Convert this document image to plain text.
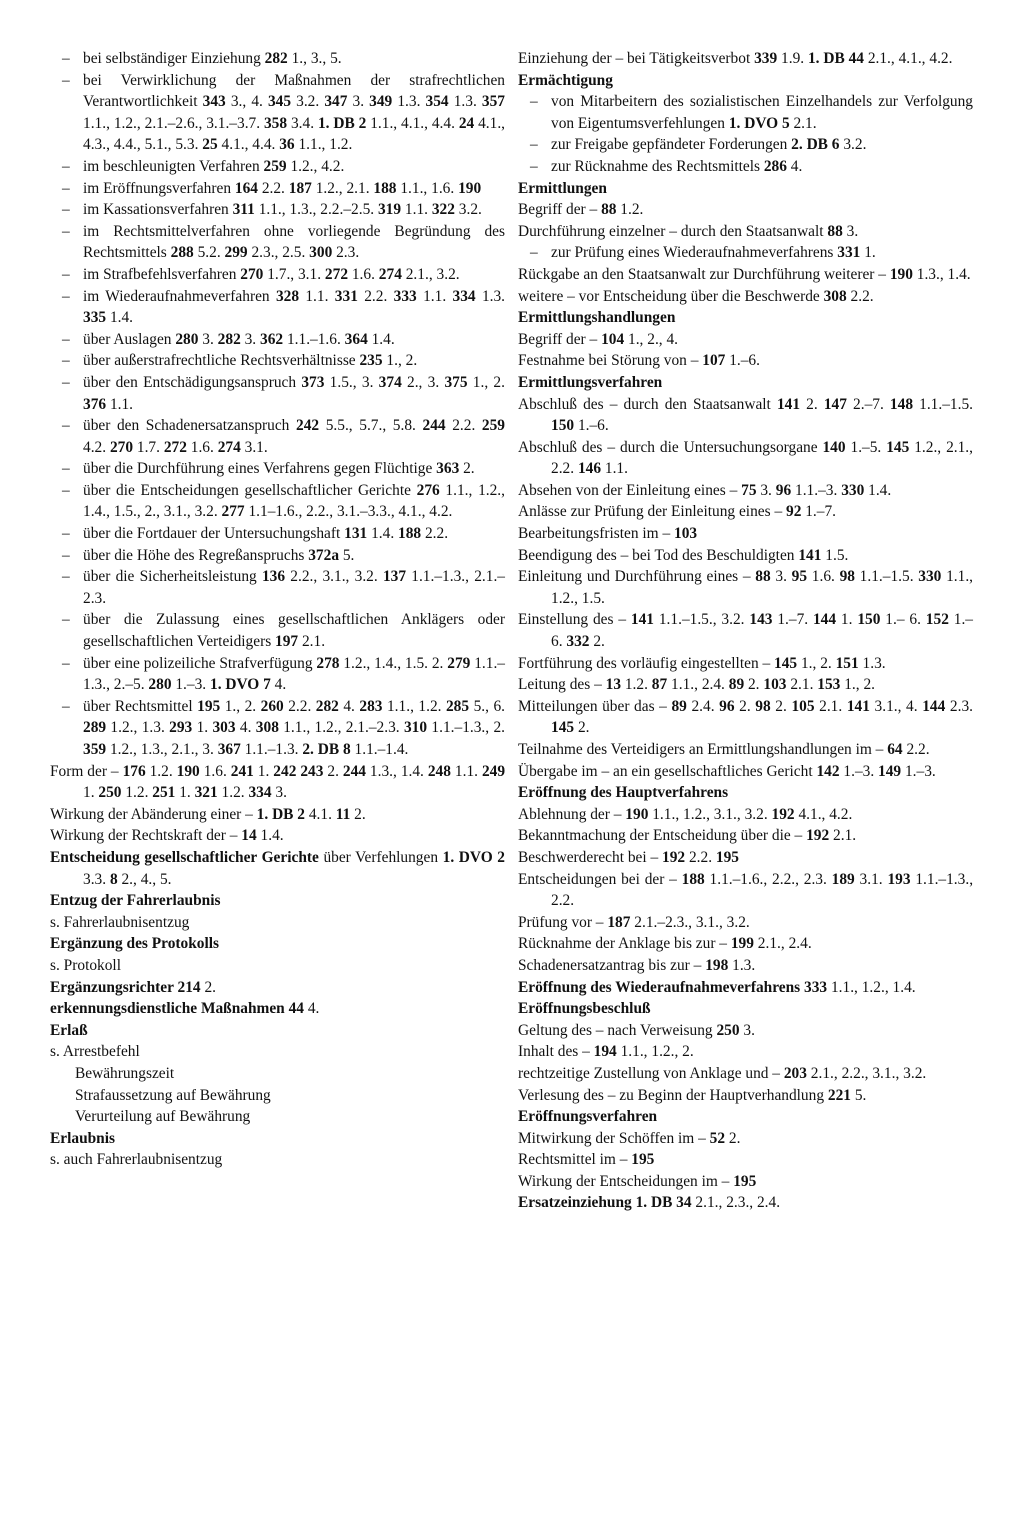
– bei selbständiger Einziehung 282 1., 3., 5.
– bei Verwirklichung der Maßnahmen der strafrechtlichen Verantwortlichkeit 343 3., 4. 345 3.2. 347 3. 349 1.3. 354 1.3. 357 1.1., 1.2., 2.1.–2.6., 3.1.–3.7. 358 3.4. 1. DB 2 1.1., 4.1., 4.4. 24 4.1., 4.3., 4.4., 5.1., 5.3. 25 4.1., 4.4. 36 1.1., 1.2.
– im beschleunigten Verfahren 259 1.2., 4.2.
– im Eröffnungsverfahren 164 2.2. 187 1.2., 2.1. 188 1.1., 1.6. 190
– im Kassationsverfahren 311 1.1., 1.3., 2.2.–2.5. 319 1.1. 322 3.2.
– im Rechtsmittelverfahren ohne vorliegende Begründung des Rechtsmittels 288 5.2. 299 2.3., 2.5. 300 2.3.
– im Strafbefehlsverfahren 270 1.7., 3.1. 272 1.6. 274 2.1., 3.2.
– im Wiederaufnahmeverfahren 328 1.1. 331 2.2. 333 1.1. 334 1.3. 335 1.4.
– über Auslagen 280 3. 282 3. 362 1.1.–1.6. 364 1.4.
– über außerstrafrechtliche Rechtsverhältnisse 235 1., 2.
– über den Entschädigungsanspruch 373 1.5., 3. 374 2., 3. 375 1., 2. 376 1.1.
– über den Schadenersatzanspruch 242 5.5., 5.7., 5.8. 244 2.2. 259 4.2. 270 1.7. 272 1.6. 274 3.1.
– über die Durchführung eines Verfahrens gegen Flüchtige 363 2.
– über die Entscheidungen gesellschaftlicher Gerichte 276 1.1., 1.2., 1.4., 1.5., 2., 3.1., 3.2. 277 1.1–1.6., 2.2., 3.1.–3.3., 4.1., 4.2.
– über die Fortdauer der Untersuchungshaft 131 1.4. 188 2.2.
– über die Höhe des Regreßanspruchs 372a 5.
– über die Sicherheitsleistung 136 2.2., 3.1., 3.2. 137 1.1.–1.3., 2.1.–2.3.
– über die Zulassung eines gesellschaftlichen Anklägers oder gesellschaftlichen Verteidigers 197 2.1.
– über eine polizeiliche Strafverfügung 278 1.2., 1.4., 1.5. 2. 279 1.1.–1.3., 2.–5. 280 1.–3. 1. DVO 7 4.
– über Rechtsmittel 195 1., 2. 260 2.2. 282 4. 283 1.1., 1.2. 285 5., 6. 289 1.2., 1.3. 293 1. 303 4. 308 1.1., 1.2., 2.1.–2.3. 310 1.1.–1.3., 2. 359 1.2., 1.3., 2.1., 3. 367 1.1.–1.3. 2. DB 8 1.1.–1.4.
Form der – 176 1.2. 190 1.6. 241 1. 242 243 2. 244 1.3., 1.4. 248 1.1. 249 1. 250 1.2. 251 1. 321 1.2. 334 3.
Wirkung der Abänderung einer – 1. DB 2 4.1. 11 2.
Wirkung der Rechtskraft der – 14 1.4.
Entscheidung gesellschaftlicher Gerichte über Verfehlungen 1. DVO 2 3.3. 8 2., 4., 5.
Entzug der Fahrerlaubnis
s. Fahrerlaubnisentzug
Ergänzung des Protokolls
s. Protokoll
Ergänzungsrichter 214 2.
erkennungsdienstliche Maßnahmen 44 4.
Erlaß
s. Arrestbefehl
Bewährungszeit
Strafaussetzung auf Bewährung
Verurteilung auf Bewährung
Erlaubnis
s. auch Fahrerlaubnisentzug
Einziehung der – bei Tätigkeitsverbot 339 1.9. 1. DB 44 2.1., 4.1., 4.2.
Ermächtigung
– von Mitarbeitern des sozialistischen Einzelhandels zur Verfolgung von Eigentumsverfehlungen 1. DVO 5 2.1.
– zur Freigabe gepfändeter Forderungen 2. DB 6 3.2.
– zur Rücknahme des Rechtsmittels 286 4.
Ermittlungen
Begriff der – 88 1.2.
Durchführung einzelner – durch den Staatsanwalt 88 3.
– zur Prüfung eines Wiederaufnahmeverfahrens 331 1.
Rückgabe an den Staatsanwalt zur Durchführung weiterer – 190 1.3., 1.4.
weitere – vor Entscheidung über die Beschwerde 308 2.2.
Ermittlungshandlungen
Begriff der – 104 1., 2., 4.
Festnahme bei Störung von – 107 1.–6.
Ermittlungsverfahren
Abschluß des – durch den Staatsanwalt 141 2. 147 2.–7. 148 1.1.–1.5. 150 1.–6.
Abschluß des – durch die Untersuchungsorgane 140 1.–5. 145 1.2., 2.1., 2.2. 146 1.1.
Absehen von der Einleitung eines – 75 3. 96 1.1.–3. 330 1.4.
Anlässe zur Prüfung der Einleitung eines – 92 1.–7.
Bearbeitungsfristen im – 103
Beendigung des – bei Tod des Beschuldigten 141 1.5.
Einleitung und Durchführung eines – 88 3. 95 1.6. 98 1.1.–1.5. 330 1.1., 1.2., 1.5.
Einstellung des – 141 1.1.–1.5., 3.2. 143 1.–7. 144 1. 150 1.– 6. 152 1.– 6. 332 2.
Fortführung des vorläufig eingestellten – 145 1., 2. 151 1.3.
Leitung des – 13 1.2. 87 1.1., 2.4. 89 2. 103 2.1. 153 1., 2.
Mitteilungen über das – 89 2.4. 96 2. 98 2. 105 2.1. 141 3.1., 4. 144 2.3. 145 2.
Teilnahme des Verteidigers an Ermittlungshandlungen im – 64 2.2.
Übergabe im – an ein gesellschaftliches Gericht 142 1.–3. 149 1.–3.
Eröffnung des Hauptverfahrens
Ablehnung der – 190 1.1., 1.2., 3.1., 3.2. 192 4.1., 4.2.
Bekanntmachung der Entscheidung über die – 192 2.1.
Beschwerderecht bei – 192 2.2. 195
Entscheidungen bei der – 188 1.1.–1.6., 2.2., 2.3. 189 3.1. 193 1.1.–1.3., 2.2.
Prüfung vor – 187 2.1.–2.3., 3.1., 3.2.
Rücknahme der Anklage bis zur – 199 2.1., 2.4.
Schadenersatzantrag bis zur – 198 1.3.
Eröffnung des Wiederaufnahmeverfahrens 333 1.1., 1.2., 1.4.
Eröffnungsbeschluß
Geltung des – nach Verweisung 250 3.
Inhalt des – 194 1.1., 1.2., 2.
rechtzeitige Zustellung von Anklage und – 203 2.1., 2.2., 3.1., 3.2.
Verlesung des – zu Beginn der Hauptverhandlung 221 5.
Eröffnungsverfahren
Mitwirkung der Schöffen im – 52 2.
Rechtsmittel im – 195
Wirkung der Entscheidungen im – 195
Ersatzeinziehung 1. DB 34 2.1., 2.3., 2.4.
